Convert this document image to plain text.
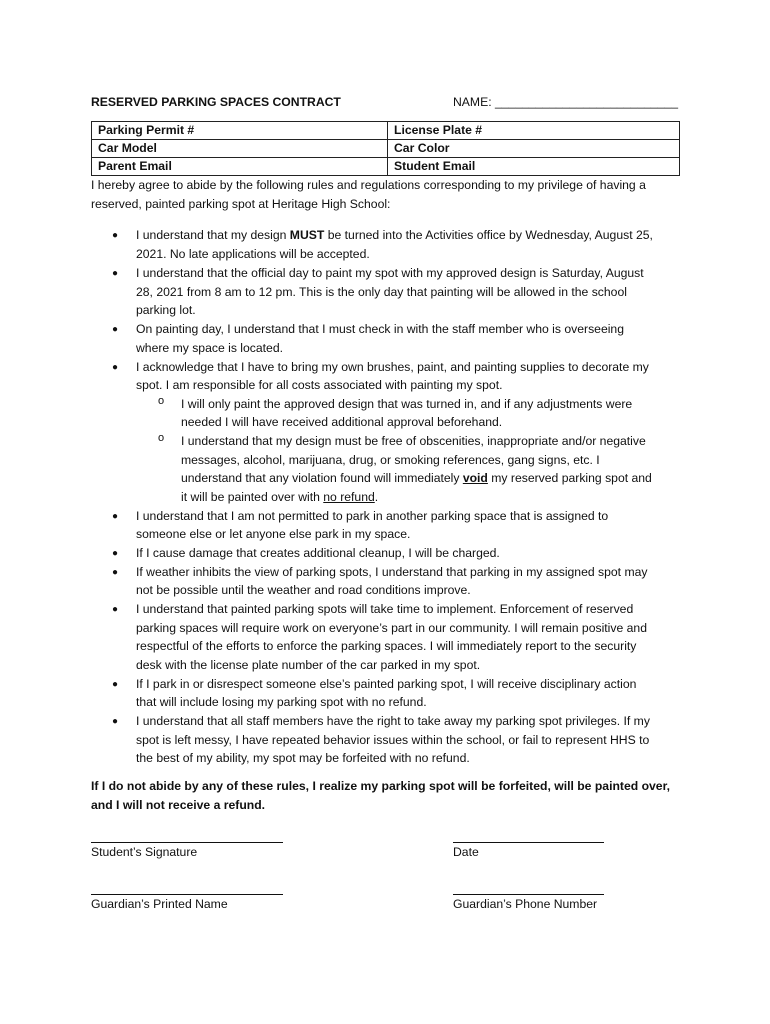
RESERVED PARKING SPACES CONTRACT	NAME: ___________________________
Parking Permit #	License Plate #
Car Model	Car Color
Parent Email	Student Email
I hereby agree to abide by the following rules and regulations corresponding to my privilege of having a
reserved, painted parking spot at Heritage High School:
● I understand that my design MUST be turned into the Activities office by Wednesday, August 25,
2021. No late applications will be accepted.
● I understand that the official day to paint my spot with my approved design is Saturday, August
28, 2021 from 8 am to 12 pm. This is the only day that painting will be allowed in the school
parking lot.
● On painting day, I understand that I must check in with the staff member who is overseeing
where my space is located.
● I acknowledge that I have to bring my own brushes, paint, and painting supplies to decorate my
spot. I am responsible for all costs associated with painting my spot.
o I will only paint the approved design that was turned in, and if any adjustments were
needed I will have received additional approval beforehand.
o I understand that my design must be free of obscenities, inappropriate and/or negative
messages, alcohol, marijuana, drug, or smoking references, gang signs, etc. I
understand that any violation found will immediately void my reserved parking spot and
it will be painted over with no refund.
● I understand that I am not permitted to park in another parking space that is assigned to
someone else or let anyone else park in my space.
● If I cause damage that creates additional cleanup, I will be charged.
● If weather inhibits the view of parking spots, I understand that parking in my assigned spot may
not be possible until the weather and road conditions improve.
● I understand that painted parking spots will take time to implement. Enforcement of reserved
parking spaces will require work on everyone’s part in our community. I will remain positive and
respectful of the efforts to enforce the parking spaces. I will immediately report to the security
desk with the license plate number of the car parked in my spot.
● If I park in or disrespect someone else’s painted parking spot, I will receive disciplinary action
that will include losing my parking spot with no refund.
● I understand that all staff members have the right to take away my parking spot privileges. If my
spot is left messy, I have repeated behavior issues within the school, or fail to represent HHS to
the best of my ability, my spot may be forfeited with no refund.
If I do not abide by any of these rules, I realize my parking spot will be forfeited, will be painted over,
and I will not receive a refund.
Student’s Signature	Date
Guardian’s Printed Name	Guardian’s Phone Number
